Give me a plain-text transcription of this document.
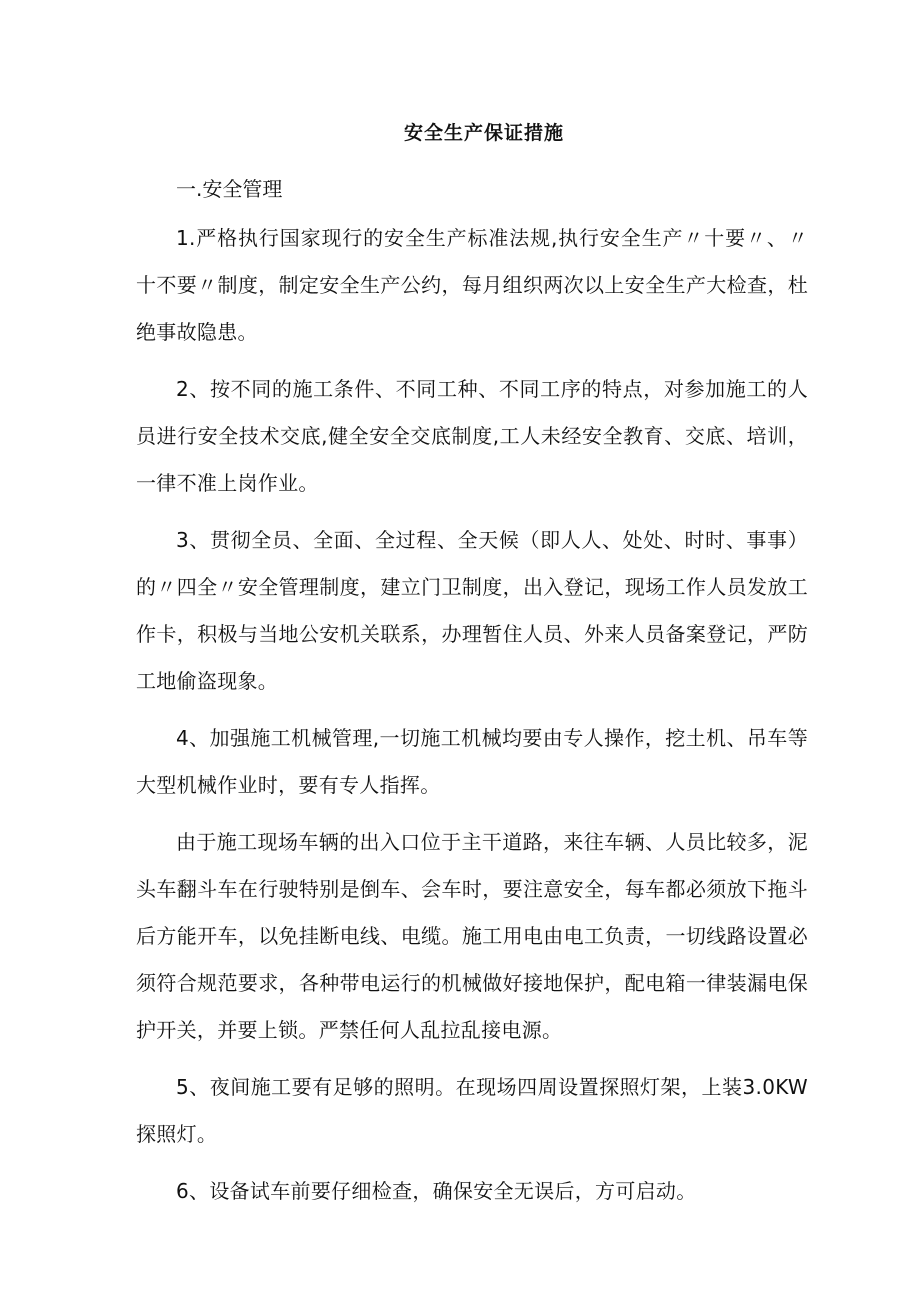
安全生产保证措施

一.安全管理

1.严格执行国家现行的安全生产标准法规,执行安全生产〃十要〃、〃十不要〃制度，制定安全生产公约，每月组织两次以上安全生产大检查，杜绝事故隐患。

2、按不同的施工条件、不同工种、不同工序的特点，对参加施工的人员进行安全技术交底,健全安全交底制度,工人未经安全教育、交底、培训，一律不准上岗作业。

3、贯彻全员、全面、全过程、全天候（即人人、处处、时时、事事）的〃四全〃安全管理制度，建立门卫制度，出入登记，现场工作人员发放工作卡，积极与当地公安机关联系，办理暂住人员、外来人员备案登记，严防工地偷盗现象。

4、加强施工机械管理,一切施工机械均要由专人操作，挖土机、吊车等大型机械作业时，要有专人指挥。

由于施工现场车辆的出入口位于主干道路，来往车辆、人员比较多，泥头车翻斗车在行驶特别是倒车、会车时，要注意安全，每车都必须放下拖斗后方能开车，以免挂断电线、电缆。施工用电由电工负责，一切线路设置必须符合规范要求，各种带电运行的机械做好接地保护，配电箱一律装漏电保护开关，并要上锁。严禁任何人乱拉乱接电源。

5、夜间施工要有足够的照明。在现场四周设置探照灯架，上装3.0KW探照灯。

6、设备试车前要仔细检查，确保安全无误后，方可启动。
